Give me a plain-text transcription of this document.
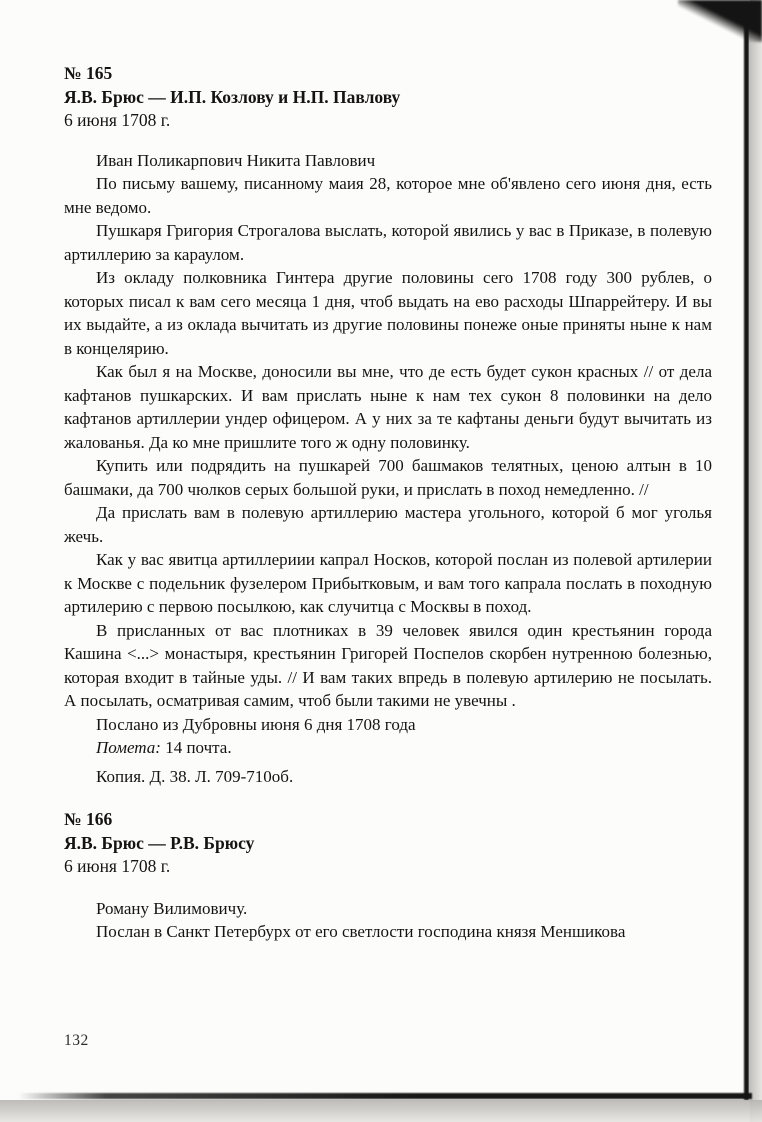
№ 165
Я.В. Брюс — И.П. Козлову и Н.П. Павлову
6 июня 1708 г.

Иван Поликарпович Никита Павлович

По письму вашему, писанному маия 28, которое мне об'явлено сего июня дня, есть мне ведомо.

Пушкаря Григория Строгалова выслать, которой явились у вас в Приказе, в полевую артиллерию за караулом.

Из окладу полковника Гинтера другие половины сего 1708 году 300 рублев, о которых писал к вам сего месяца 1 дня, чтоб выдать на ево расходы Шпаррейтеру. И вы их выдайте, а из оклада вычитать из другие половины понеже оные приняты ныне к нам в концелярию.

Как был я на Москве, доносили вы мне, что де есть будет сукон красных // от дела кафтанов пушкарских. И вам прислать ныне к нам тех сукон 8 половинки на дело кафтанов артиллерии ундер офицером. А у них за те кафтаны деньги будут вычитать из жалованья. Да ко мне пришлите того ж одну половинку.

Купить или подрядить на пушкарей 700 башмаков телятных, ценою алтын в 10 башмаки, да 700 чюлков серых большой руки, и прислать в поход немедленно. //

Да прислать вам в полевую артиллерию мастера угольного, которой б мог уголья жечь.

Как у вас явитца артиллериии капрал Носков, которой послан из полевой артилерии к Москве с подельник фузелером Прибытковым, и вам того капрала послать в походную артилерию с первою посылкою, как случитца с Москвы в поход.

В присланных от вас плотниках в 39 человек явился один крестьянин города Кашина <...> монастыря, крестьянин Григорей Поспелов скорбен нутренною болезнью, которая входит в тайные уды. // И вам таких впредь в полевую артилерию не посылать. А посылать, осматривая самим, чтоб были такими не увечны .

Послано из Дубровны июня 6 дня 1708 года

Помета: 14 почта.

Копия. Д. 38. Л. 709-710об.

№ 166
Я.В. Брюс — Р.В. Брюсу
6 июня 1708 г.

Роману Вилимовичу.

Послан в Санкт Петербурх от его светлости господина князя Меншикова

132
